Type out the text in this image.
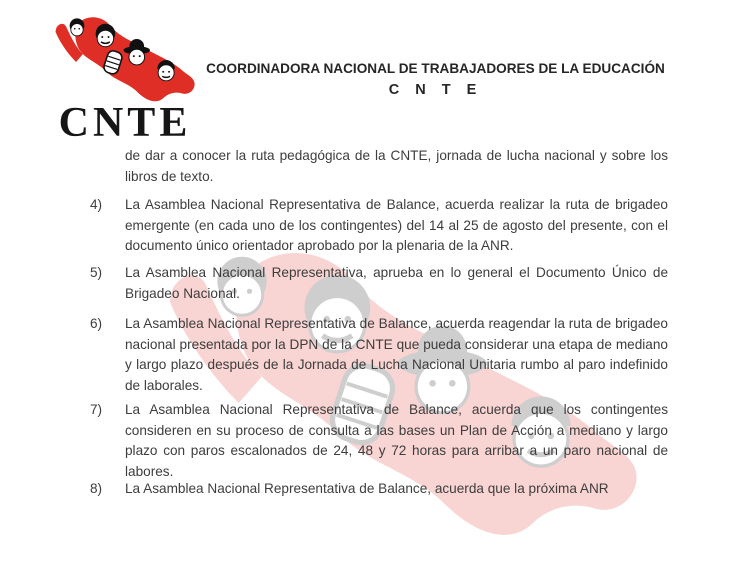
CNTE
COORDINADORA NACIONAL DE TRABAJADORES DE LA EDUCACIÓN
C N T E

de dar a conocer la ruta pedagógica de la CNTE, jornada de lucha nacional y sobre los libros de texto.

4)	La Asamblea Nacional Representativa de Balance, acuerda realizar la ruta de brigadeo emergente (en cada uno de los contingentes) del 14 al 25 de agosto del presente, con el documento único orientador aprobado por la plenaria de la ANR.
5)	La Asamblea Nacional Representativa, aprueba en lo general el Documento Único de Brigadeo Nacional.
6)	La Asamblea Nacional Representativa de Balance, acuerda reagendar la ruta de brigadeo nacional presentada por la DPN de la CNTE que pueda considerar una etapa de mediano y largo plazo después de la Jornada de Lucha Nacional Unitaria rumbo al paro indefinido de laborales.
7)	La Asamblea Nacional Representativa de Balance, acuerda que los contingentes consideren en su proceso de consulta a las bases un Plan de Acción a mediano y largo plazo con paros escalonados de 24, 48 y 72 horas para arribar a un paro nacional de labores.
8)	La Asamblea Nacional Representativa de Balance, acuerda que la próxima ANR
